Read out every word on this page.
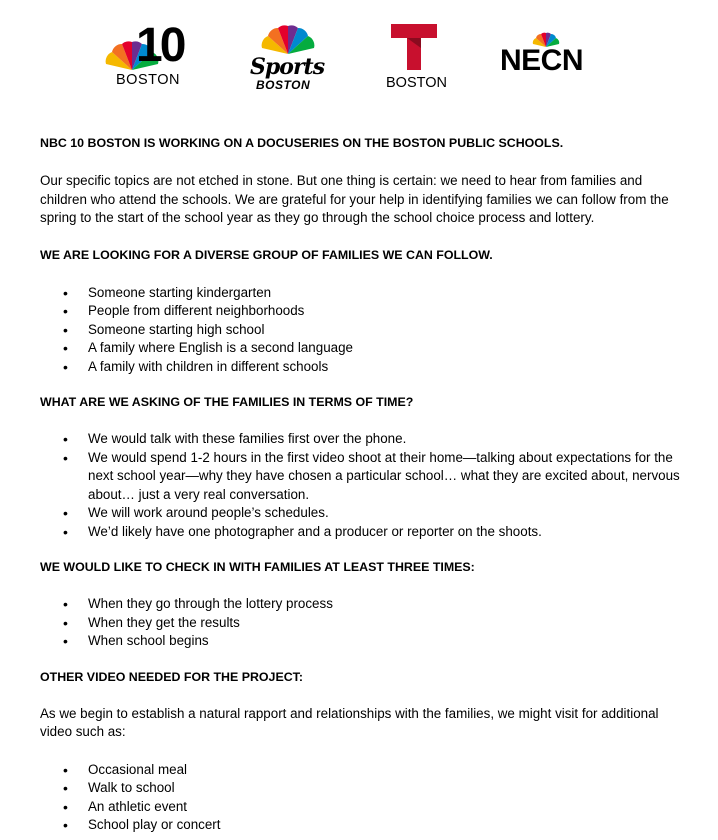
10
BOSTON	Sports
BOSTON	BOSTON
NECN

NBC 10 BOSTON IS WORKING ON A DOCUSERIES ON THE BOSTON PUBLIC SCHOOLS.

Our specific topics are not etched in stone. But one thing is certain: we need to hear from families and children who attend the schools. We are grateful for your help in identifying families we can follow from the spring to the start of the school year as they go through the school choice process and lottery.

WE ARE LOOKING FOR A DIVERSE GROUP OF FAMILIES WE CAN FOLLOW.

• Someone starting kindergarten
• People from different neighborhoods
• Someone starting high school
• A family where English is a second language
• A family with children in different schools

WHAT ARE WE ASKING OF THE FAMILIES IN TERMS OF TIME?

• We would talk with these families first over the phone.
• We would spend 1-2 hours in the first video shoot at their home—talking about expectations for the next school year—why they have chosen a particular school… what they are excited about, nervous about… just a very real conversation.
• We will work around people’s schedules.
• We’d likely have one photographer and a producer or reporter on the shoots.

WE WOULD LIKE TO CHECK IN WITH FAMILIES AT LEAST THREE TIMES:

• When they go through the lottery process
• When they get the results
• When school begins

OTHER VIDEO NEEDED FOR THE PROJECT:

As we begin to establish a natural rapport and relationships with the families, we might visit for additional video such as:

• Occasional meal
• Walk to school
• An athletic event
• School play or concert
